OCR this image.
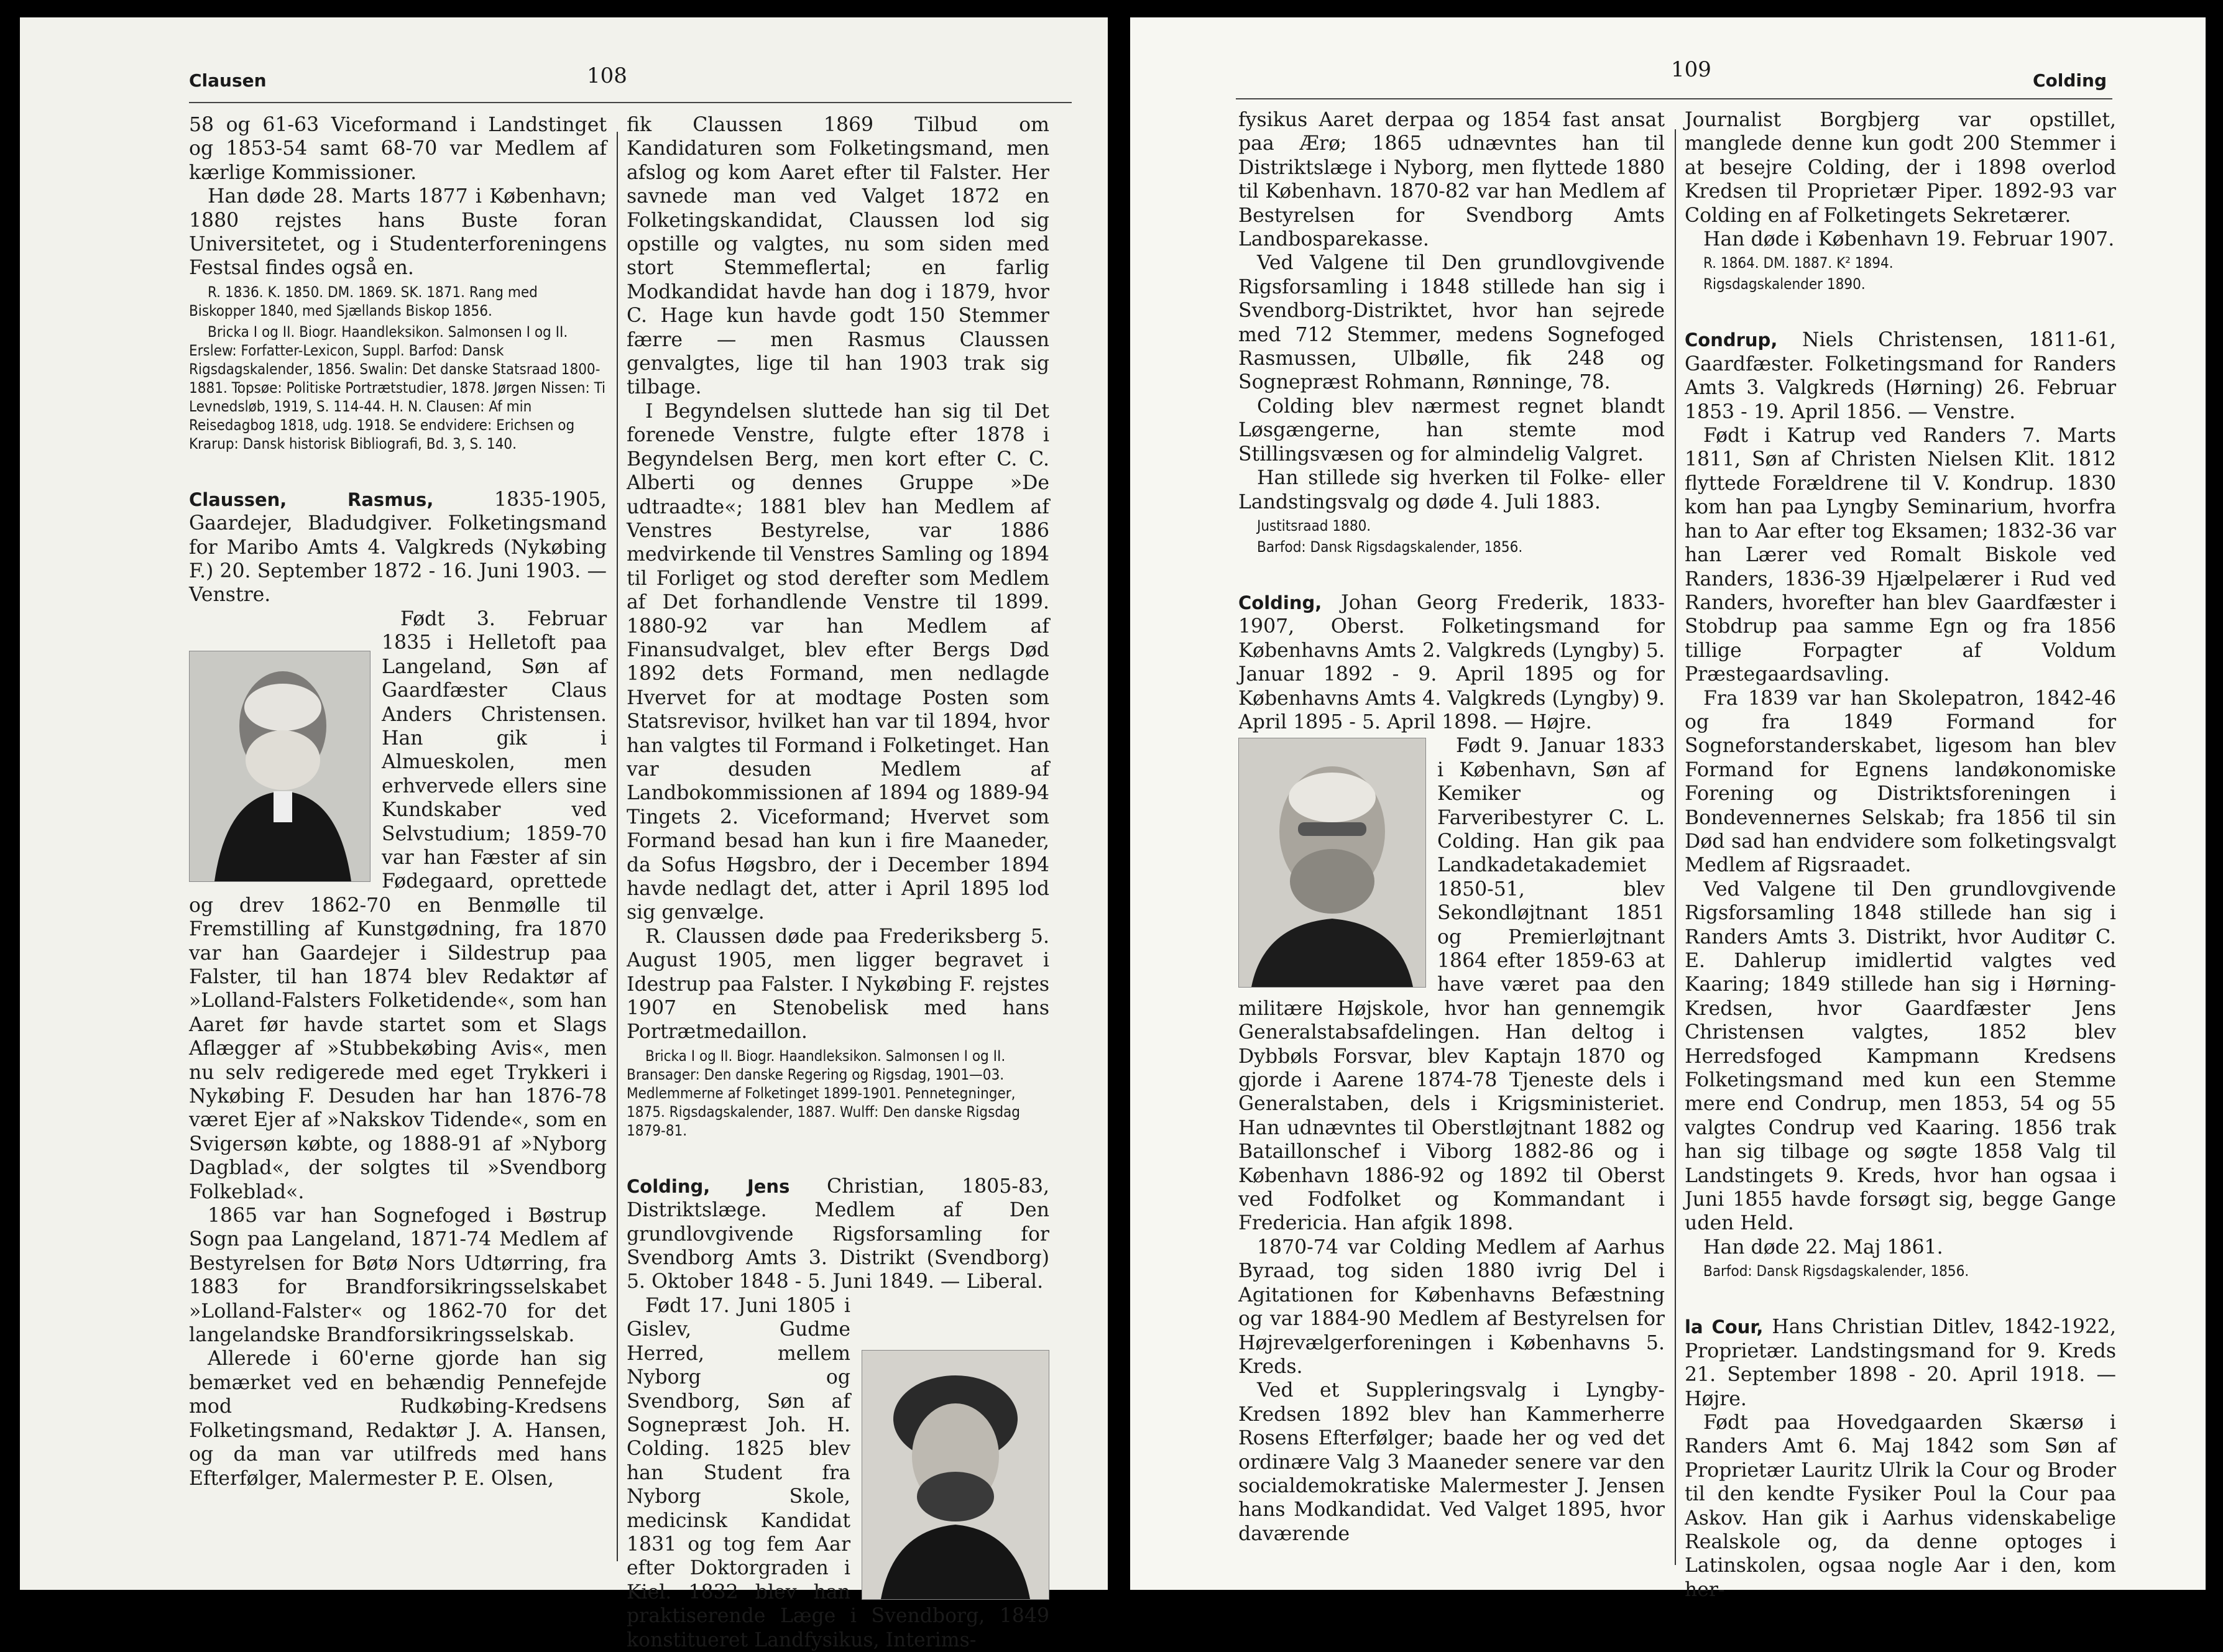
Clausen	108

58 og 61-63 Viceformand i Landstinget og 1853-54 samt 68-70 var Medlem af kærlige Kommissioner.

Han døde 28. Marts 1877 i København; 1880 rejstes hans Buste foran Universitetet, og i Studenterforeningens Festsal findes også en.

R. 1836. K. 1850. DM. 1869. SK. 1871. Rang med Biskopper 1840, med Sjællands Biskop 1856.

Bricka I og II. Biogr. Haandleksikon. Salmonsen I og II. Erslew: Forfatter-Lexicon, Suppl. Barfod: Dansk Rigsdagskalender, 1856. Swalin: Det danske Statsraad 1800-1881. Topsøe: Politiske Portrætstudier, 1878. Jørgen Nissen: Ti Levnedsløb, 1919, S. 114-44. H. N. Clausen: Af min Reisedagbog 1818, udg. 1918. Se endvidere: Erichsen og Krarup: Dansk historisk Bibliografi, Bd. 3, S. 140.

Claussen, Rasmus, 1835-1905, Gaardejer, Bladudgiver. Folketingsmand for Maribo Amts 4. Valgkreds (Nykøbing F.) 20. September 1872 - 16. Juni 1903. — Venstre.

Født 3. Februar 1835 i Helletoft paa Langeland, Søn af Gaardfæster Claus Anders Christensen. Han gik i Almueskolen, men erhvervede ellers sine Kundskaber ved Selvstudium; 1859-70 var han Fæster af sin Fødegaard, oprettede og drev 1862-70 en Benmølle til Fremstilling af Kunstgødning, fra 1870 var han Gaardejer i Sildestrup paa Falster, til han 1874 blev Redaktør af »Lolland-Falsters Folketidende«, som han Aaret før havde startet som et Slags Aflægger af »Stubbekøbing Avis«, men nu selv redigerede med eget Trykkeri i Nykøbing F. Desuden har han 1876-78 været Ejer af »Nakskov Tidende«, som en Svigersøn købte, og 1888-91 af »Nyborg Dagblad«, der solgtes til »Svendborg Folkeblad«.

1865 var han Sognefoged i Bøstrup Sogn paa Langeland, 1871-74 Medlem af Bestyrelsen for Bøtø Nors Udtørring, fra 1883 for Brandforsikringsselskabet »Lolland-Falster« og 1862-70 for det langelandske Brandforsikringsselskab.

Allerede i 60'erne gjorde han sig bemærket ved en behændig Pennefejde mod Rudkøbing-Kredsens Folketingsmand, Redaktør J. A. Hansen, og da man var utilfreds med hans Efterfølger, Malermester P. E. Olsen,

fik Claussen 1869 Tilbud om Kandidaturen som Folketingsmand, men afslog og kom Aaret efter til Falster. Her savnede man ved Valget 1872 en Folketingskandidat, Claussen lod sig opstille og valgtes, nu som siden med stort Stemmeflertal; en farlig Modkandidat havde han dog i 1879, hvor C. Hage kun havde godt 150 Stemmer færre — men Rasmus Claussen genvalgtes, lige til han 1903 trak sig tilbage.

I Begyndelsen sluttede han sig til Det forenede Venstre, fulgte efter 1878 i Begyndelsen Berg, men kort efter C. C. Alberti og dennes Gruppe »De udtraadte«; 1881 blev han Medlem af Venstres Bestyrelse, var 1886 medvirkende til Venstres Samling og 1894 til Forliget og stod derefter som Medlem af Det forhandlende Venstre til 1899. 1880-92 var han Medlem af Finansudvalget, blev efter Bergs Død 1892 dets Formand, men nedlagde Hvervet for at modtage Posten som Statsrevisor, hvilket han var til 1894, hvor han valgtes til Formand i Folketinget. Han var desuden Medlem af Landbokommissionen af 1894 og 1889-94 Tingets 2. Viceformand; Hvervet som Formand besad han kun i fire Maaneder, da Sofus Høgsbro, der i December 1894 havde nedlagt det, atter i April 1895 lod sig genvælge.

R. Claussen døde paa Frederiksberg 5. August 1905, men ligger begravet i Idestrup paa Falster. I Nykøbing F. rejstes 1907 en Stenobelisk med hans Portrætmedaillon.

Bricka I og II. Biogr. Haandleksikon. Salmonsen I og II. Bransager: Den danske Regering og Rigsdag, 1901—03. Medlemmerne af Folketinget 1899-1901. Pennetegninger, 1875. Rigsdagskalender, 1887. Wulff: Den danske Rigsdag 1879-81.

Colding, Jens Christian, 1805-83, Distriktslæge. Medlem af Den grundlovgivende Rigsforsamling for Svendborg Amts 3. Distrikt (Svendborg) 5. Oktober 1848 - 5. Juni 1849. — Liberal.

Født 17. Juni 1805 i Gislev, Gudme Herred, mellem Nyborg og Svendborg, Søn af Sognepræst Joh. H. Colding. 1825 blev han Student fra Nyborg Skole, medicinsk Kandidat 1831 og tog fem Aar efter Doktorgraden i Kiel. 1832 blev han praktiserende Læge i Svendborg, 1849 konstitueret Landfysikus, Interims-

109	Colding

fysikus Aaret derpaa og 1854 fast ansat paa Ærø; 1865 udnævntes han til Distriktslæge i Nyborg, men flyttede 1880 til København. 1870-82 var han Medlem af Bestyrelsen for Svendborg Amts Landbosparekasse.

Ved Valgene til Den grundlovgivende Rigsforsamling i 1848 stillede han sig i Svendborg-Distriktet, hvor han sejrede med 712 Stemmer, medens Sognefoged Rasmussen, Ulbølle, fik 248 og Sognepræst Rohmann, Rønninge, 78.

Colding blev nærmest regnet blandt Løsgængerne, han stemte mod Stillingsvæsen og for almindelig Valgret.

Han stillede sig hverken til Folke- eller Landstingsvalg og døde 4. Juli 1883.

Justitsraad 1880.

Barfod: Dansk Rigsdagskalender, 1856.

Colding, Johan Georg Frederik, 1833-1907, Oberst. Folketingsmand for Københavns Amts 2. Valgkreds (Lyngby) 5. Januar 1892 - 9. April 1895 og for Københavns Amts 4. Valgkreds (Lyngby) 9. April 1895 - 5. April 1898. — Højre.

Født 9. Januar 1833 i København, Søn af Kemiker og Farveribestyrer C. L. Colding. Han gik paa Landkadetakademiet 1850-51, blev Sekondløjtnant 1851 og Premierløjtnant 1864 efter 1859-63 at have været paa den militære Højskole, hvor han gennemgik Generalstabsafdelingen. Han deltog i Dybbøls Forsvar, blev Kaptajn 1870 og gjorde i Aarene 1874-78 Tjeneste dels i Generalstaben, dels i Krigsministeriet. Han udnævntes til Oberstløjtnant 1882 og Bataillonschef i Viborg 1882-86 og i København 1886-92 og 1892 til Oberst ved Fodfolket og Kommandant i Fredericia. Han afgik 1898.

1870-74 var Colding Medlem af Aarhus Byraad, tog siden 1880 ivrig Del i Agitationen for Københavns Befæstning og var 1884-90 Medlem af Bestyrelsen for Højrevælgerforeningen i Københavns 5. Kreds.

Ved et Suppleringsvalg i Lyngby-Kredsen 1892 blev han Kammerherre Rosens Efterfølger; baade her og ved det ordinære Valg 3 Maaneder senere var den socialdemokratiske Malermester J. Jensen hans Modkandidat. Ved Valget 1895, hvor daværende

Journalist Borgbjerg var opstillet, manglede denne kun godt 200 Stemmer i at besejre Colding, der i 1898 overlod Kredsen til Proprietær Piper. 1892-93 var Colding en af Folketingets Sekretærer.

Han døde i København 19. Februar 1907.

R. 1864. DM. 1887. K² 1894.

Rigsdagskalender 1890.

Condrup, Niels Christensen, 1811-61, Gaardfæster. Folketingsmand for Randers Amts 3. Valgkreds (Hørning) 26. Februar 1853 - 19. April 1856. — Venstre.

Født i Katrup ved Randers 7. Marts 1811, Søn af Christen Nielsen Klit. 1812 flyttede Forældrene til V. Kondrup. 1830 kom han paa Lyngby Seminarium, hvorfra han to Aar efter tog Eksamen; 1832-36 var han Lærer ved Romalt Biskole ved Randers, 1836-39 Hjælpelærer i Rud ved Randers, hvorefter han blev Gaardfæster i Stobdrup paa samme Egn og fra 1856 tillige Forpagter af Voldum Præstegaardsavling.

Fra 1839 var han Skolepatron, 1842-46 og fra 1849 Formand for Sogneforstanderskabet, ligesom han blev Formand for Egnens landøkonomiske Forening og Distriktsforeningen i Bondevennernes Selskab; fra 1856 til sin Død sad han endvidere som folketingsvalgt Medlem af Rigsraadet.

Ved Valgene til Den grundlovgivende Rigsforsamling 1848 stillede han sig i Randers Amts 3. Distrikt, hvor Auditør C. E. Dahlerup imidlertid valgtes ved Kaaring; 1849 stillede han sig i Hørning-Kredsen, hvor Gaardfæster Jens Christensen valgtes, 1852 blev Herredsfoged Kampmann Kredsens Folketingsmand med kun een Stemme mere end Condrup, men 1853, 54 og 55 valgtes Condrup ved Kaaring. 1856 trak han sig tilbage og søgte 1858 Valg til Landstingets 9. Kreds, hvor han ogsaa i Juni 1855 havde forsøgt sig, begge Gange uden Held.

Han døde 22. Maj 1861.

Barfod: Dansk Rigsdagskalender, 1856.

la Cour, Hans Christian Ditlev, 1842-1922, Proprietær. Landstingsmand for 9. Kreds 21. September 1898 - 20. April 1918. — Højre.

Født paa Hovedgaarden Skærsø i Randers Amt 6. Maj 1842 som Søn af Proprietær Lauritz Ulrik la Cour og Broder til den kendte Fysiker Poul la Cour paa Askov. Han gik i Aarhus videnskabelige Realskole og, da denne optoges i Latinskolen, ogsaa nogle Aar i den, kom her-
